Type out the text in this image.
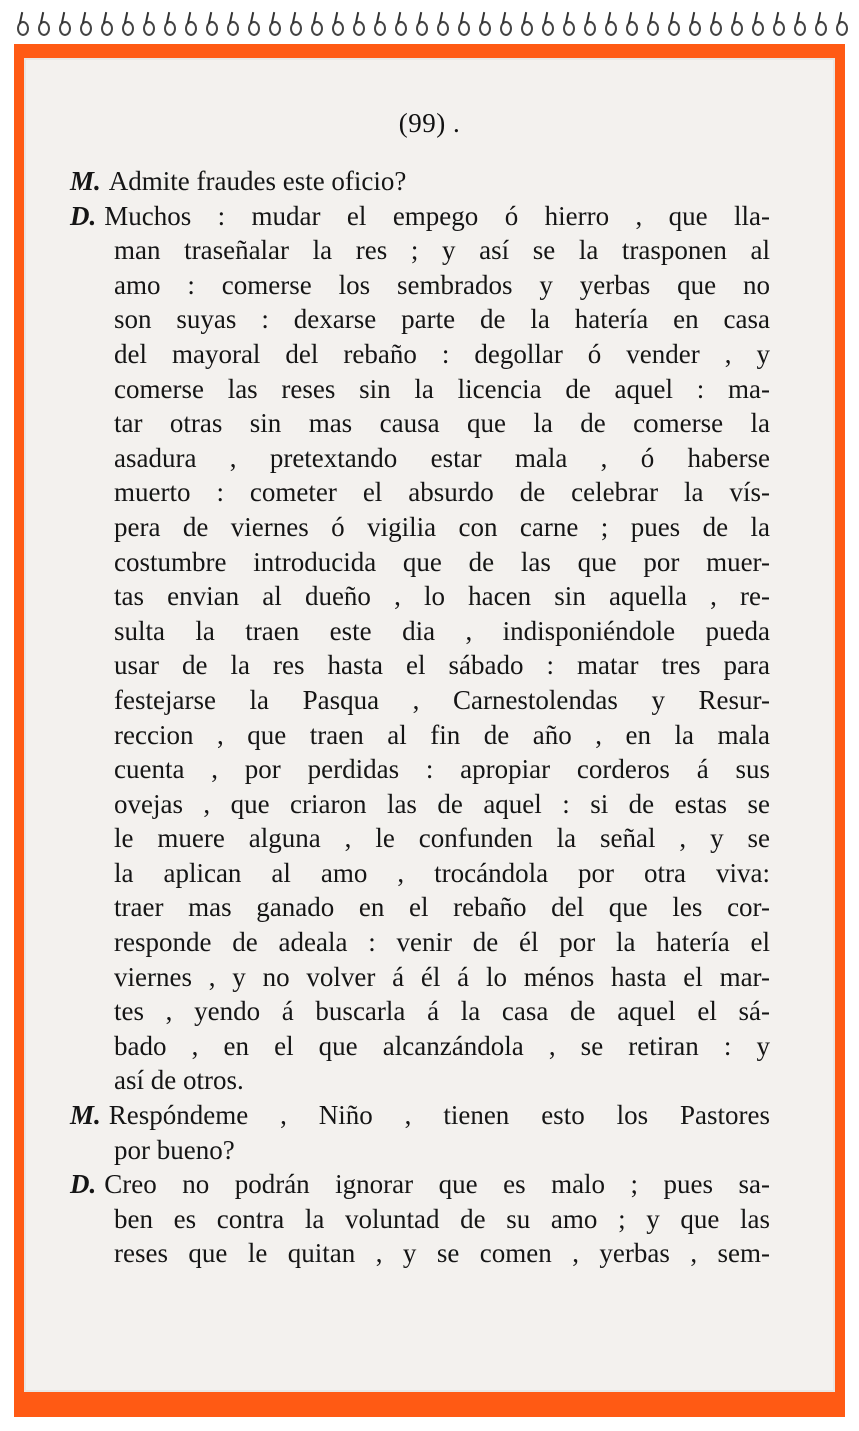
(99) .
M. Admite fraudes este oficio?
D. Muchos : mudar el empego ó hierro , que lla-
man traseñalar la res ; y así se la trasponen al
amo : comerse los sembrados y yerbas que no
son suyas : dexarse parte de la hatería en casa
del mayoral del rebaño : degollar ó vender , y
comerse las reses sin la licencia de aquel : ma-
tar otras sin mas causa que la de comerse la
asadura , pretextando estar mala , ó haberse
muerto : cometer el absurdo de celebrar la vís-
pera de viernes ó vigilia con carne ; pues de la
costumbre introducida que de las que por muer-
tas envian al dueño , lo hacen sin aquella , re-
sulta la traen este dia , indisponiéndole pueda
usar de la res hasta el sábado : matar tres para
festejarse la Pasqua , Carnestolendas y Resur-
reccion , que traen al fin de año , en la mala
cuenta , por perdidas : apropiar corderos á sus
ovejas , que criaron las de aquel : si de estas se
le muere alguna , le confunden la señal , y se
la aplican al amo , trocándola por otra viva:
traer mas ganado en el rebaño del que les cor-
responde de adeala : venir de él por la hatería el
viernes , y no volver á él á lo ménos hasta el mar-
tes , yendo á buscarla á la casa de aquel el sá-
bado , en el que alcanzándola , se retiran : y
así de otros.
M. Respóndeme , Niño , tienen esto los Pastores
por bueno?
D. Creo no podrán ignorar que es malo ; pues sa-
ben es contra la voluntad de su amo ; y que las
reses que le quitan , y se comen , yerbas , sem-
